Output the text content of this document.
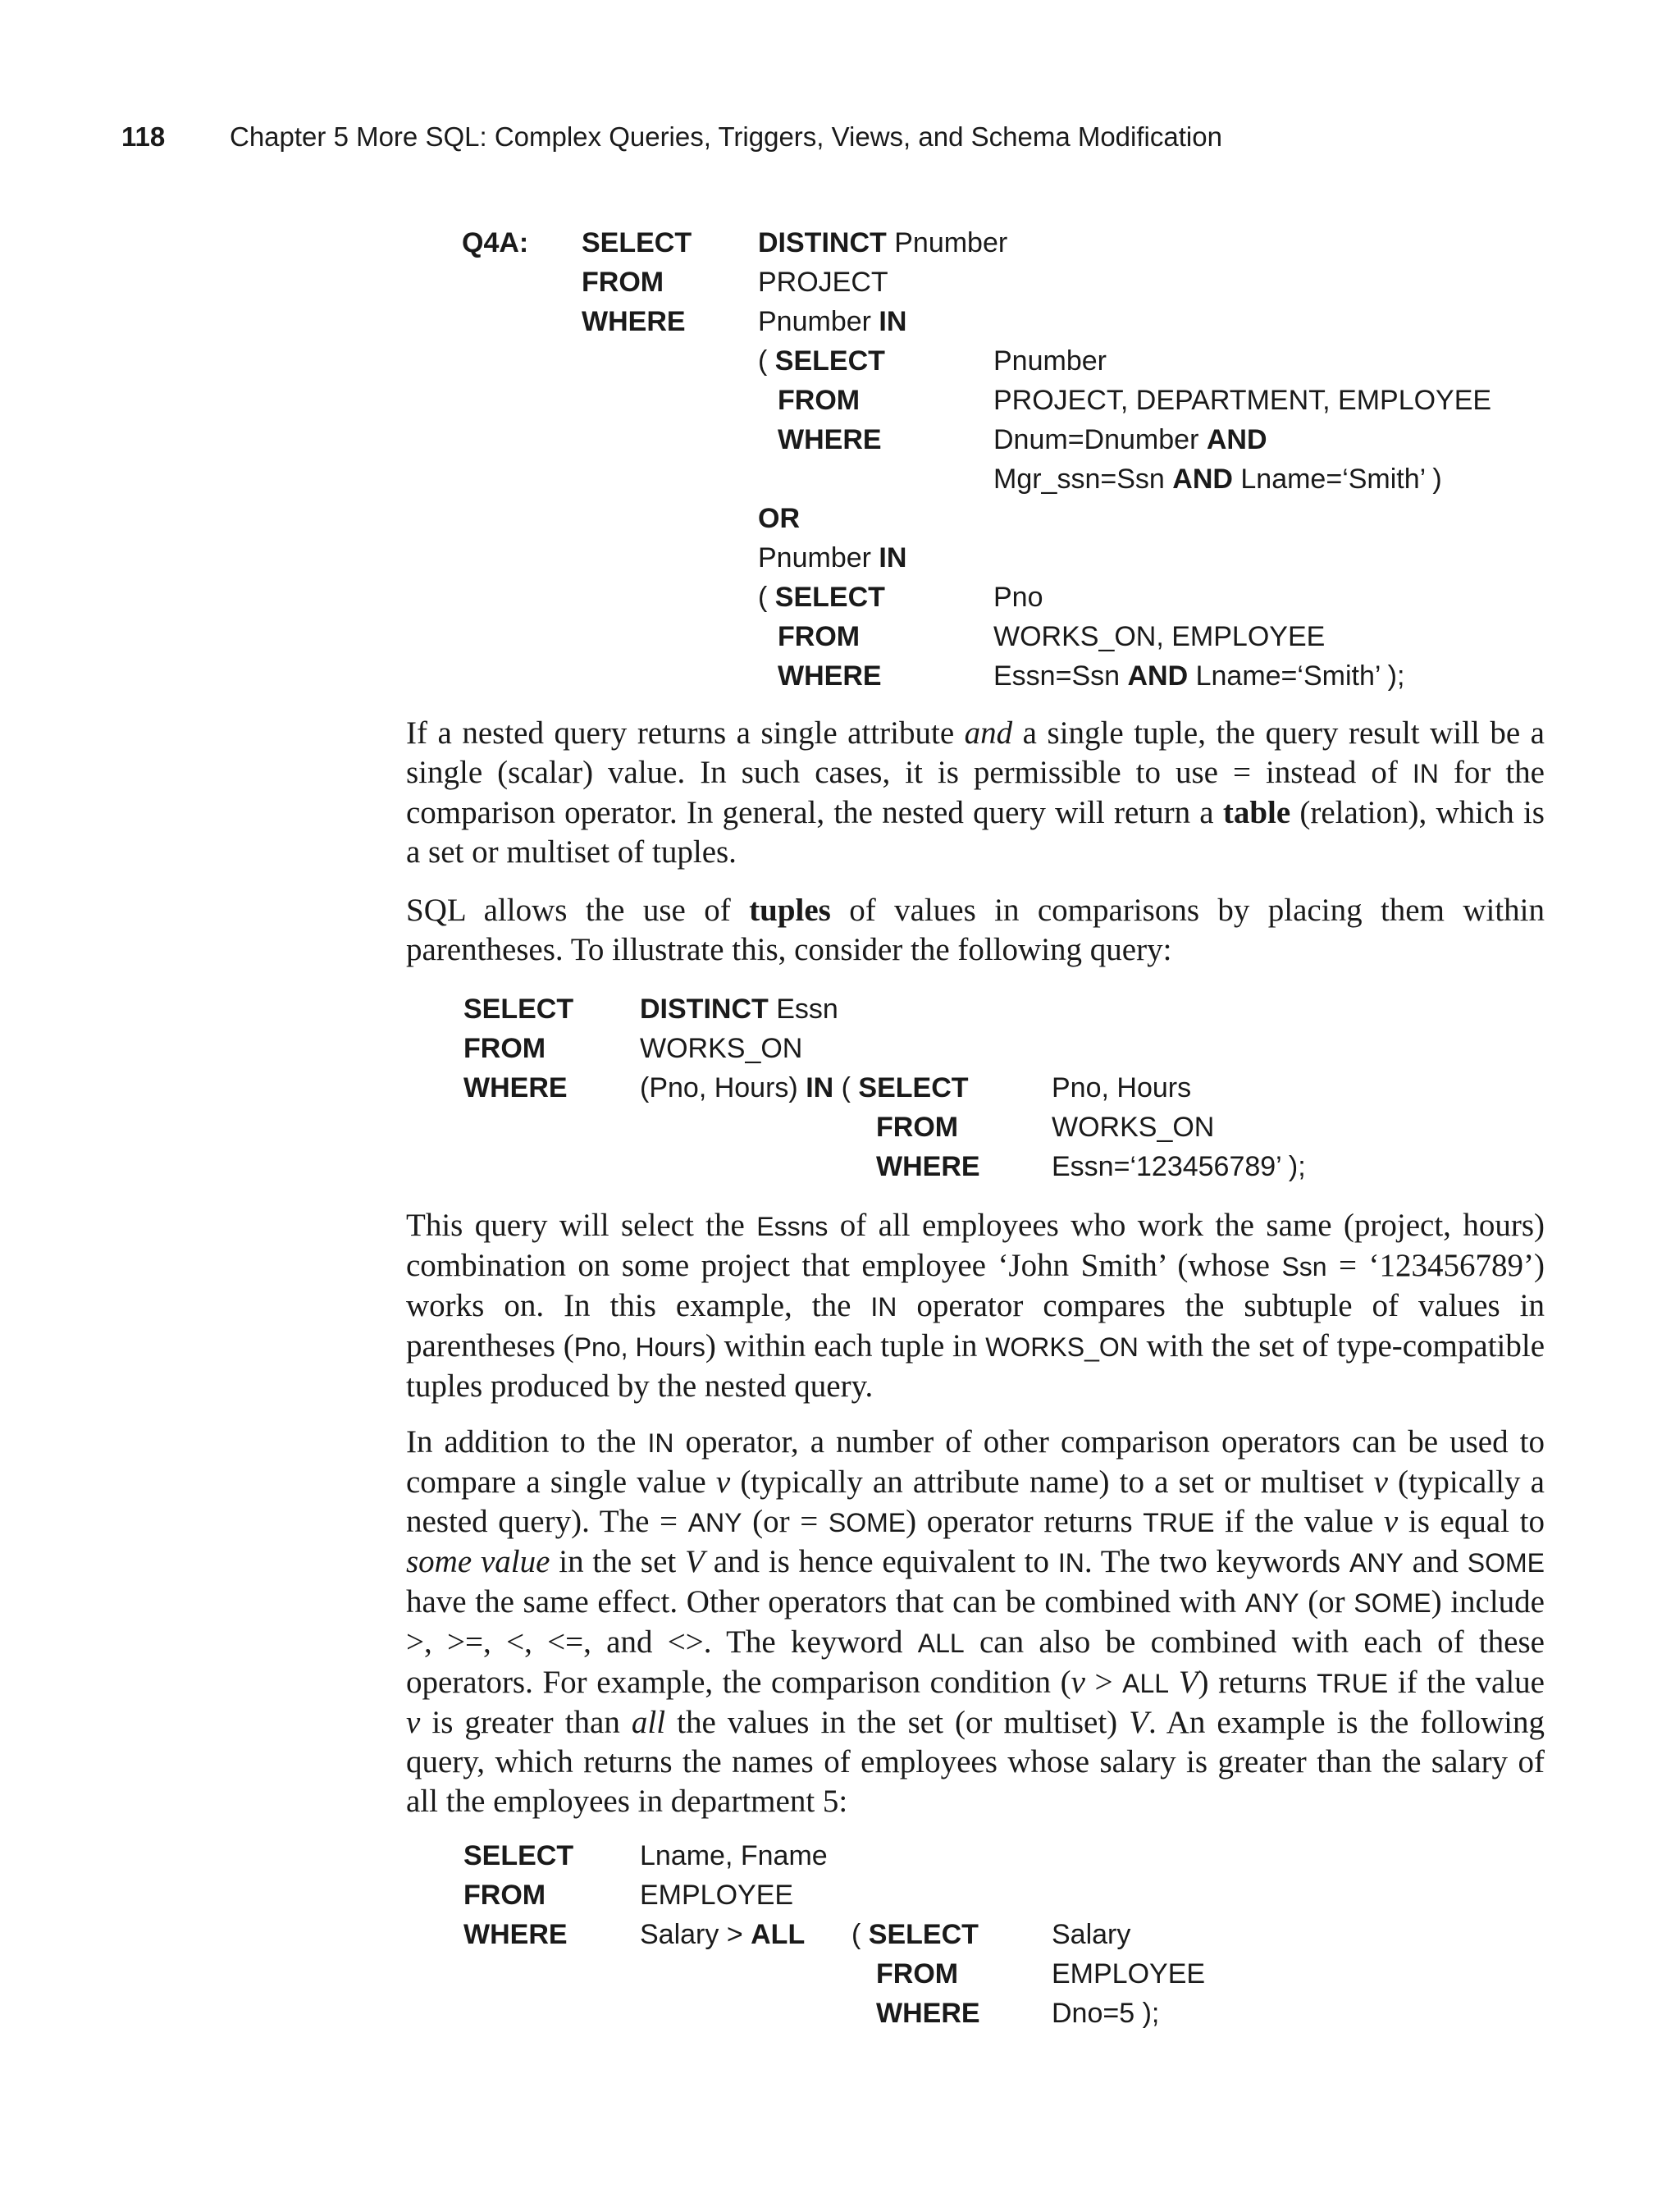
118 Chapter 5 More SQL: Complex Queries, Triggers, Views, and Schema Modification
Q4A: SELECT DISTINCT Pnumber
FROM	PROJECT
WHERE	Pnumber IN
( SELECT	Pnumber
FROM	PROJECT, DEPARTMENT, EMPLOYEE
WHERE	Dnum=Dnumber AND
Mgr_ssn=Ssn AND Lname=‘Smith’ )
OR
Pnumber IN
( SELECT	Pno
FROM	WORKS_ON, EMPLOYEE
WHERE	Essn=Ssn AND Lname=‘Smith’ );

If a nested query returns a single attribute and a single tuple, the query result will be a single (scalar) value. In such cases, it is permissible to use = instead of IN for the comparison operator. In general, the nested query will return a table (relation), which is a set or multiset of tuples.

SQL allows the use of tuples of values in comparisons by placing them within parentheses. To illustrate this, consider the following query:

SELECT DISTINCT Essn
FROM	WORKS_ON
WHERE	(Pno, Hours) IN ( SELECT	Pno, Hours
FROM	WORKS_ON
WHERE	Essn=‘123456789’ );

This query will select the Essns of all employees who work the same (project, hours) combination on some project that employee ‘John Smith’ (whose Ssn = ‘123456789’) works on. In this example, the IN operator compares the subtuple of values in parentheses (Pno, Hours) within each tuple in WORKS_ON with the set of type-compatible tuples produced by the nested query.

In addition to the IN operator, a number of other comparison operators can be used to compare a single value v (typically an attribute name) to a set or multiset v (typically a nested query). The = ANY (or = SOME) operator returns TRUE if the value v is equal to some value in the set V and is hence equivalent to IN. The two keywords ANY and SOME have the same effect. Other operators that can be combined with ANY (or SOME) include >, >=, <, <=, and <>. The keyword ALL can also be combined with each of these operators. For example, the comparison condition (v > ALL V) returns TRUE if the value v is greater than all the values in the set (or multiset) V. An example is the following query, which returns the names of employees whose salary is greater than the salary of all the employees in department 5:

SELECT Lname, Fname
FROM	EMPLOYEE
WHERE	Salary > ALL ( SELECT	Salary
FROM	EMPLOYEE
WHERE	Dno=5 );
